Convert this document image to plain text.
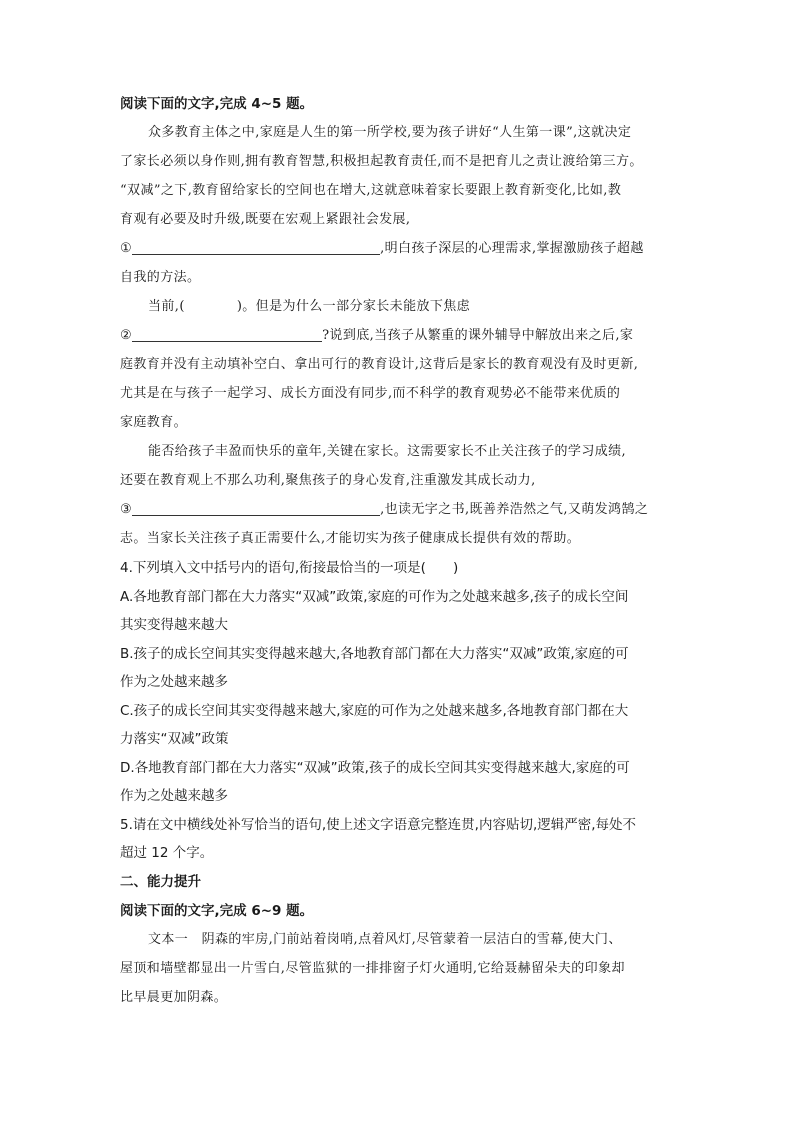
阅读下面的文字,完成 4~5 题。
众多教育主体之中,家庭是人生的第一所学校,要为孩子讲好“人生第一课”,这就决定
了家长必须以身作则,拥有教育智慧,积极担起教育责任,而不是把育儿之责让渡给第三方。
“双减”之下,教育留给家长的空间也在增大,这就意味着家长要跟上教育新变化,比如,教
育观有必要及时升级,既要在宏观上紧跟社会发展,
①	,明白孩子深层的心理需求,掌握激励孩子超越
自我的方法。
当前,(	)。但是为什么一部分家长未能放下焦虑
②	?说到底,当孩子从繁重的课外辅导中解放出来之后,家
庭教育并没有主动填补空白、拿出可行的教育设计,这背后是家长的教育观没有及时更新,
尤其是在与孩子一起学习、成长方面没有同步,而不科学的教育观势必不能带来优质的
家庭教育。
能否给孩子丰盈而快乐的童年,关键在家长。这需要家长不止关注孩子的学习成绩,
还要在教育观上不那么功利,聚焦孩子的身心发育,注重激发其成长动力,
③	,也读无字之书,既善养浩然之气,又萌发鸿鹄之
志。当家长关注孩子真正需要什么,才能切实为孩子健康成长提供有效的帮助。
4.下列填入文中括号内的语句,衔接最恰当的一项是(　　)
A.各地教育部门都在大力落实“双减”政策,家庭的可作为之处越来越多,孩子的成长空间
其实变得越来越大
B.孩子的成长空间其实变得越来越大,各地教育部门都在大力落实“双减”政策,家庭的可
作为之处越来越多
C.孩子的成长空间其实变得越来越大,家庭的可作为之处越来越多,各地教育部门都在大
力落实“双减”政策
D.各地教育部门都在大力落实“双减”政策,孩子的成长空间其实变得越来越大,家庭的可
作为之处越来越多
5.请在文中横线处补写恰当的语句,使上述文字语意完整连贯,内容贴切,逻辑严密,每处不
超过 12 个字。
二、能力提升
阅读下面的文字,完成 6~9 题。
文本一　阴森的牢房,门前站着岗哨,点着风灯,尽管蒙着一层洁白的雪幕,使大门、
屋顶和墙壁都显出一片雪白,尽管监狱的一排排窗子灯火通明,它给聂赫留朵夫的印象却
比早晨更加阴森。
